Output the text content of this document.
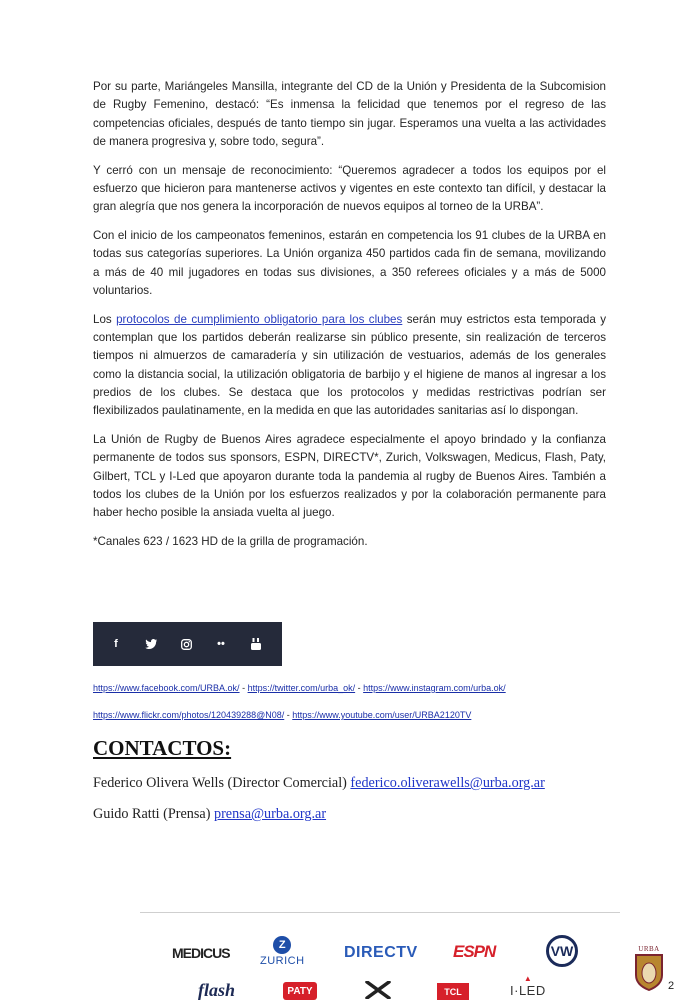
Por su parte, Mariángeles Mansilla, integrante del CD de la Unión y Presidenta de la Subcomision de Rugby Femenino, destacó: “Es inmensa la felicidad que tenemos por el regreso de las competencias oficiales, después de tanto tiempo sin jugar. Esperamos una vuelta a las actividades de manera progresiva y, sobre todo, segura”.

Y cerró con un mensaje de reconocimiento: “Queremos agradecer a todos los equipos por el esfuerzo que hicieron para mantenerse activos y vigentes en este contexto tan difícil, y destacar la gran alegría que nos genera la incorporación de nuevos equipos al torneo de la URBA”.

Con el inicio de los campeonatos femeninos, estarán en competencia los 91 clubes de la URBA en todas sus categorías superiores. La Unión organiza 450 partidos cada fin de semana, movilizando a más de 40 mil jugadores en todas sus divisiones, a 350 referees oficiales y a más de 5000 voluntarios.

Los protocolos de cumplimiento obligatorio para los clubes serán muy estrictos esta temporada y contemplan que los partidos deberán realizarse sin público presente, sin realización de terceros tiempos ni almuerzos de camaradería y sin utilización de vestuarios, además de los generales como la distancia social, la utilización obligatoria de barbijo y el higiene de manos al ingresar a los predios de los clubes. Se destaca que los protocolos y medidas restrictivas podrían ser flexibilizados paulatinamente, en la medida en que las autoridades sanitarias así lo dispongan.

La Unión de Rugby de Buenos Aires agradece especialmente el apoyo brindado y la confianza permanente de todos sus sponsors, ESPN, DIRECTV*, Zurich, Volkswagen, Medicus, Flash, Paty, Gilbert, TCL y I-Led que apoyaron durante toda la pandemia al rugby de Buenos Aires. También a todos los clubes de la Unión por los esfuerzos realizados y por la colaboración permanente para haber hecho posible la ansiada vuelta al juego.

*Canales 623 / 1623 HD de la grilla de programación.

f	••
https://www.facebook.com/URBA.ok/ - https://twitter.com/urba_ok/ - https://www.instagram.com/urba.ok/
https://www.flickr.com/photos/120439288@N08/ - https://www.youtube.com/user/URBA2120TV
CONTACTOS:
Federico Olivera Wells (Director Comercial) federico.oliverawells@urba.org.ar
Guido Ratti (Prensa) prensa@urba.org.ar
MEDICUS	Z
ZURICH DIRECTV ESPN	VW
flash	PATY	TCL
▲
I·LED
URBA
2
